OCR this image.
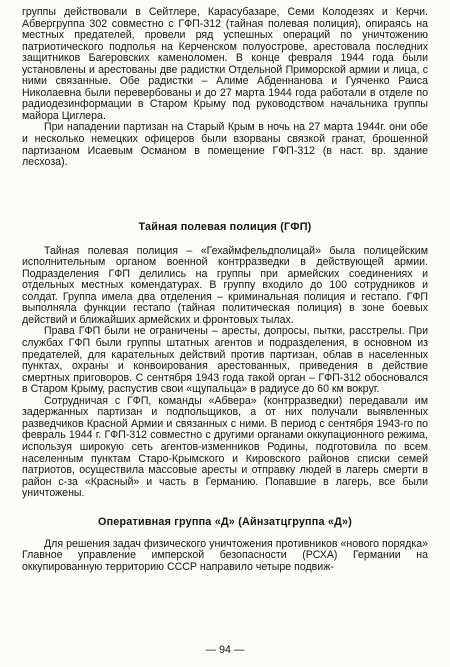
группы действовали в Сейтлере, Карасубазаре, Семи Колодезях и Керчи. Абвергруппа 302 совместно с ГФП-312 (тайная полевая полиция), опираясь на местных предателей, провели ряд успешных операций по уничтожению патриотического подполья на Керченском полуострове, арестовала последних защитников Багеровских каменоломен. В конце февраля 1944 года были установлены и арестованы две радистки Отдельной Приморской армии и лица, с ними связанные. Обе радистки – Алиме Абденнанова и Гуяченко Раиса Николаевна были перевербованы и до 27 марта 1944 года работали в отделе по радиодезинформации в Старом Крыму под руководством начальника группы майора Циглера.

При нападении партизан на Старый Крым в ночь на 27 марта 1944г. они обе и несколько немецких офицеров были взорваны связкой гранат, брошенной партизаном Исаевым Османом в помещение ГФП-312 (в наст. вр. здание лесхоза).

Тайная полевая полиция (ГФП)

Тайная полевая полиция – «Гехаймфельдполицай» была полицейским исполнительным органом военной контрразведки в действующей армии. Подразделения ГФП делились на группы при армейских соединениях и отдельных местных комендатурах. В группу входило до 100 сотрудников и солдат. Группа имела два отделения – криминальная полиция и гестапо. ГФП выполняла функции гестапо (тайная политическая полиция) в зоне боевых действий и ближайших армейских и фронтовых тылах.

Права ГФП были не ограничены – аресты, допросы, пытки, расстрелы. При службах ГФП были группы штатных агентов и подразделения, в основном из предателей, для карательных действий против партизан, облав в населенных пунктах, охраны и конвоирования арестованных, приведения в действие смертных приговоров. С сентября 1943 года такой орган – ГФП-312 обосновался в Старом Крыму, распустив свои «щупальца» в радиусе до 60 км вокруг.

Сотрудничая с ГФП, команды «Абвера» (контрразведки) передавали им задержанных партизан и подпольщиков, а от них получали выявленных разведчиков Красной Армии и связанных с ними. В период с сентября 1943-го по февраль 1944 г. ГФП-312 совместно с другими органами оккупационного режима, используя широкую сеть агентов-изменников Родины, подготовила по всем населенным пунктам Старо-Крымского и Кировского районов списки семей патриотов, осуществила массовые аресты и отправку людей в лагерь смерти в район с-за «Красный» и часть в Германию. Попавшие в лагерь, все были уничтожены.

Оперативная группа «Д» (Айнзатцгруппа «Д»)

Для решения задач физического уничтожения противников «нового порядка» Главное управление имперской безопасности (РСХА) Германии на оккупированную территорию СССР направило четыре подвиж-

— 94 —
